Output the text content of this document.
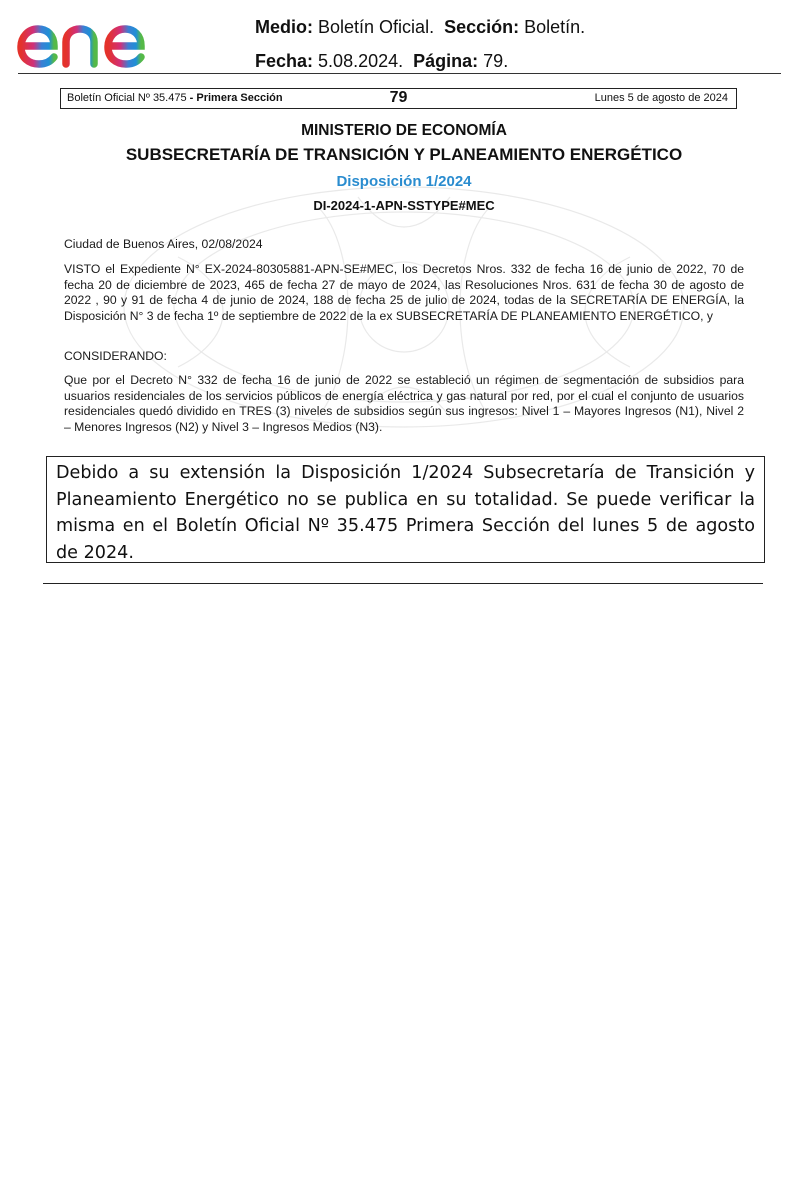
Medio: Boletín Oficial. Sección: Boletín.
Fecha: 5.08.2024. Página: 79.
Boletín Oficial Nº 35.475 - Primera Sección	79	Lunes 5 de agosto de 2024
MINISTERIO DE ECONOMÍA
SUBSECRETARÍA DE TRANSICIÓN Y PLANEAMIENTO ENERGÉTICO
Disposición 1/2024
DI-2024-1-APN-SSTYPE#MEC
Ciudad de Buenos Aires, 02/08/2024
VISTO el Expediente N° EX-2024-80305881-APN-SE#MEC, los Decretos Nros. 332 de fecha 16 de junio de 2022, 70 de fecha 20 de diciembre de 2023, 465 de fecha 27 de mayo de 2024, las Resoluciones Nros. 631 de fecha 30 de agosto de 2022 , 90 y 91 de fecha 4 de junio de 2024, 188 de fecha 25 de julio de 2024, todas de la SECRETARÍA DE ENERGÍA, la Disposición N° 3 de fecha 1º de septiembre de 2022 de la ex SUBSECRETARÍA DE PLANEAMIENTO ENERGÉTICO, y
CONSIDERANDO:
Que por el Decreto N° 332 de fecha 16 de junio de 2022 se estableció un régimen de segmentación de subsidios para usuarios residenciales de los servicios públicos de energía eléctrica y gas natural por red, por el cual el conjunto de usuarios residenciales quedó dividido en TRES (3) niveles de subsidios según sus ingresos: Nivel 1 – Mayores Ingresos (N1), Nivel 2 – Menores Ingresos (N2) y Nivel 3 – Ingresos Medios (N3).
Debido a su extensión la Disposición 1/2024 Subsecretaría de Transición y Planeamiento Energético no se publica en su totalidad. Se puede verificar la misma en el Boletín Oficial Nº 35.475 Primera Sección del lunes 5 de agosto de 2024.
